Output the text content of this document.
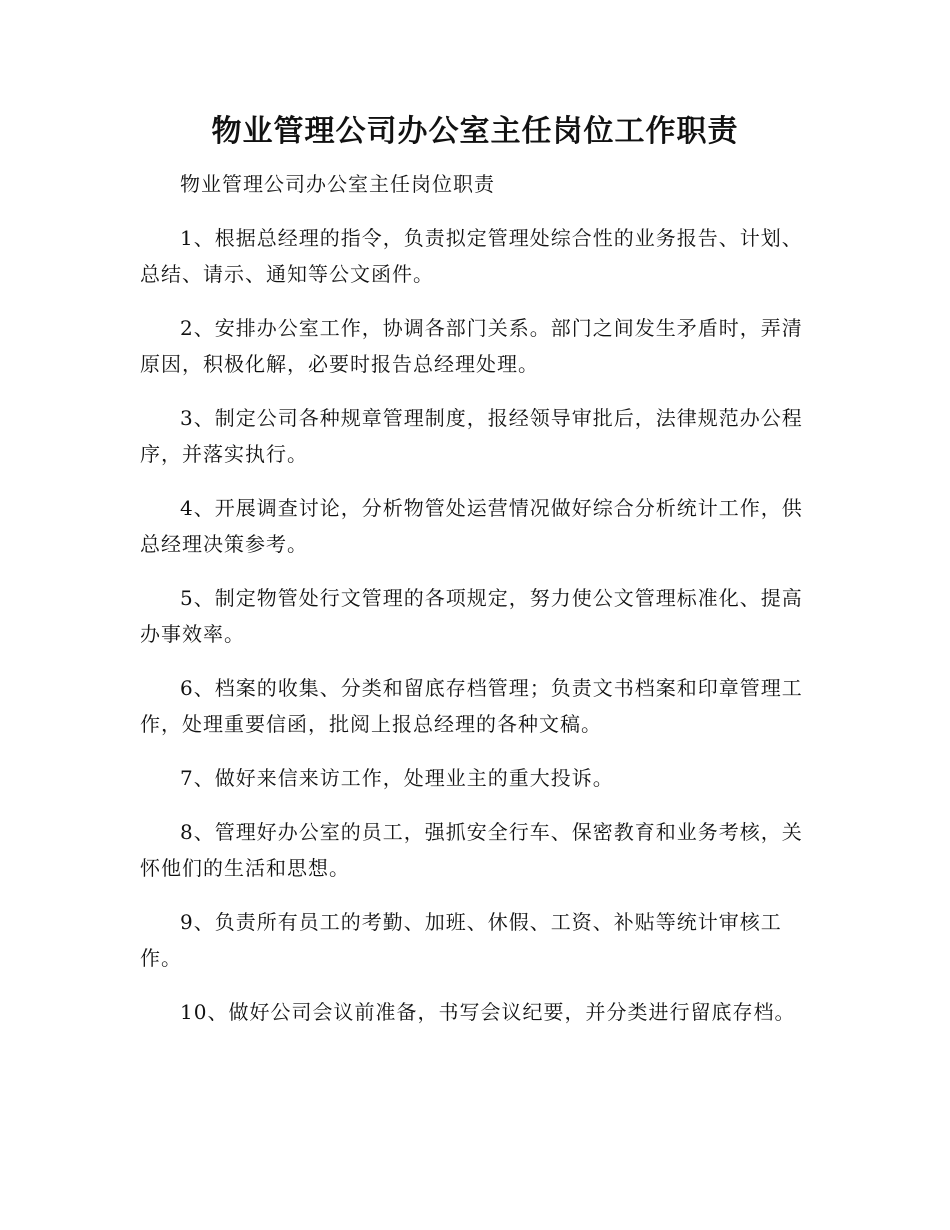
物业管理公司办公室主任岗位工作职责

物业管理公司办公室主任岗位职责

1、根据总经理的指令，负责拟定管理处综合性的业务报告、计划、总结、请示、通知等公文函件。

2、安排办公室工作，协调各部门关系。部门之间发生矛盾时，弄清原因，积极化解，必要时报告总经理处理。

3、制定公司各种规章管理制度，报经领导审批后，法律规范办公程序，并落实执行。

4、开展调查讨论，分析物管处运营情况做好综合分析统计工作，供总经理决策参考。

5、制定物管处行文管理的各项规定，努力使公文管理标准化、提高办事效率。

6、档案的收集、分类和留底存档管理；负责文书档案和印章管理工作，处理重要信函，批阅上报总经理的各种文稿。

7、做好来信来访工作，处理业主的重大投诉。

8、管理好办公室的员工，强抓安全行车、保密教育和业务考核，关怀他们的生活和思想。

9、负责所有员工的考勤、加班、休假、工资、补贴等统计审核工作。

10、做好公司会议前准备，书写会议纪要，并分类进行留底存档。
